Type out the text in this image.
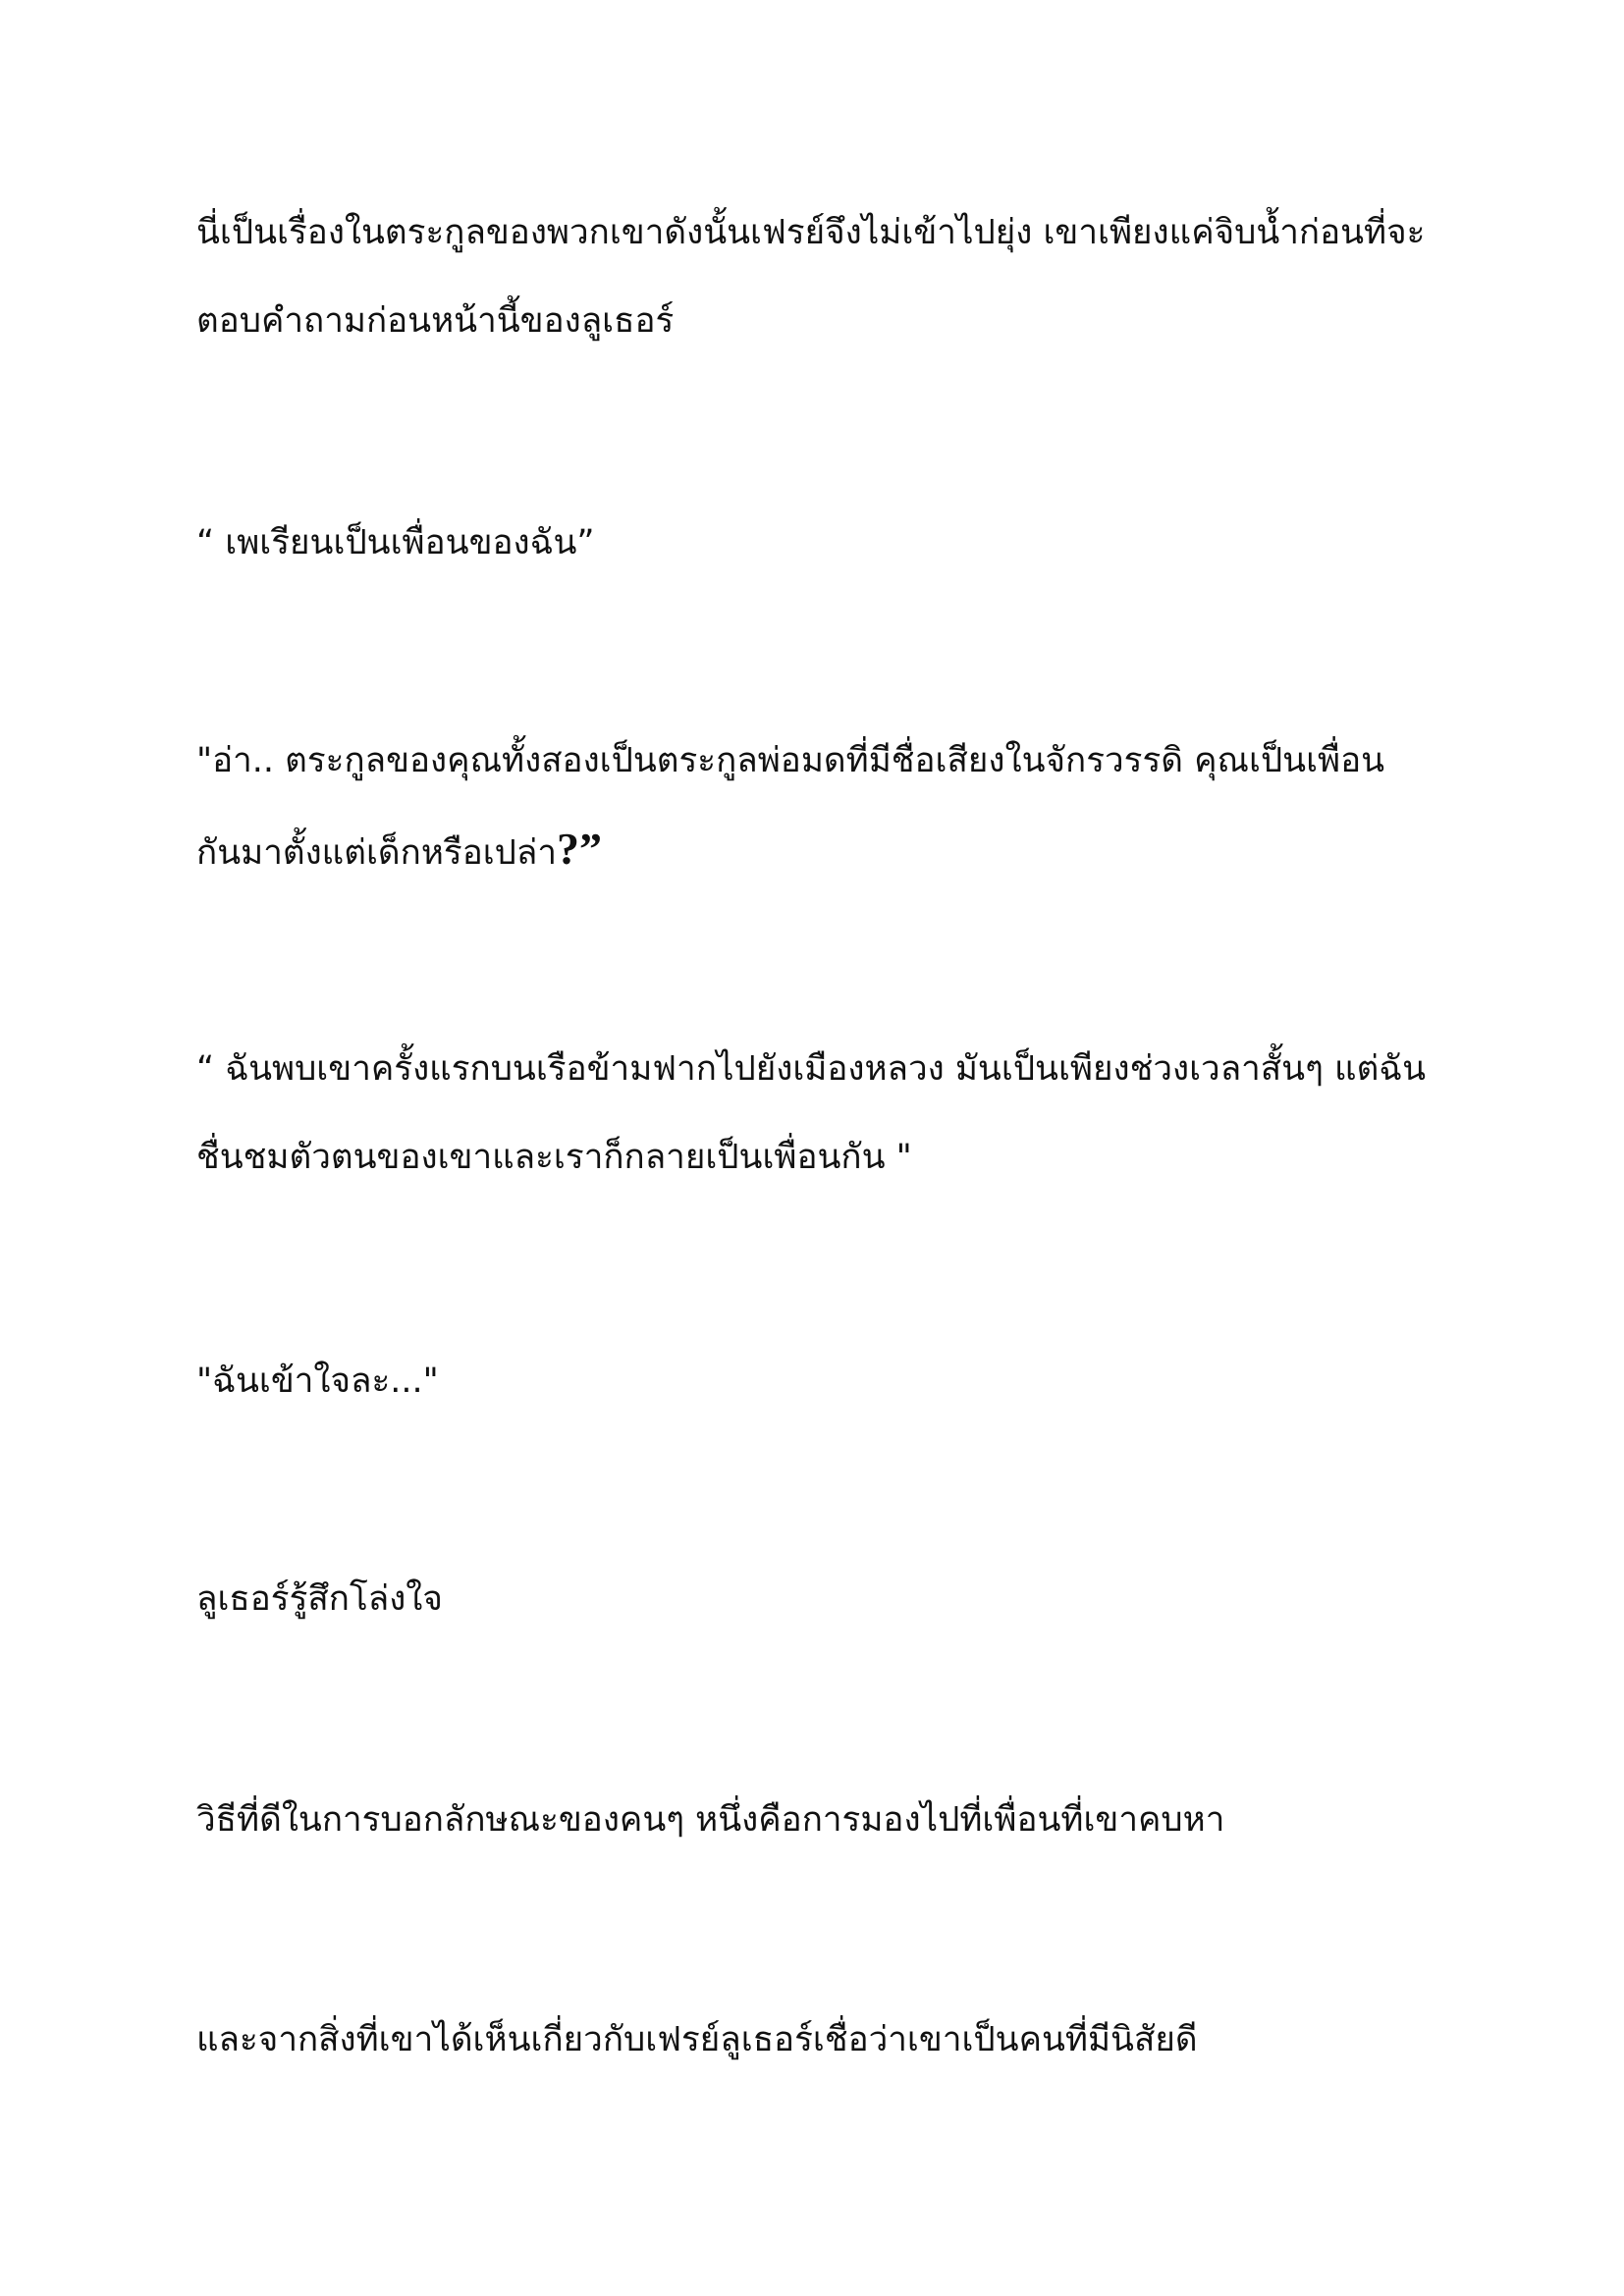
นี่เป็นเรื่องในตระกูลของพวกเขาดังนั้นเฟรย์จึงไม่เข้าไปยุ่ง เขาเพียงแค่จิบน้ำก่อนที่จะ
ตอบคำถามก่อนหน้านี้ของลูเธอร์

“ เพเรียนเป็นเพื่อนของฉัน”

"อ่า.. ตระกูลของคุณทั้งสองเป็นตระกูลพ่อมดที่มีชื่อเสียงในจักรวรรดิ คุณเป็นเพื่อน
กันมาตั้งแต่เด็กหรือเปล่า?”

“ ฉันพบเขาครั้งแรกบนเรือข้ามฟากไปยังเมืองหลวง มันเป็นเพียงช่วงเวลาสั้นๆ แต่ฉัน
ชื่นชมตัวตนของเขาและเราก็กลายเป็นเพื่อนกัน "

"ฉันเข้าใจละ..."

ลูเธอร์รู้สึกโล่งใจ

วิธีที่ดีในการบอกลักษณะของคนๆ หนึ่งคือการมองไปที่เพื่อนที่เขาคบหา

และจากสิ่งที่เขาได้เห็นเกี่ยวกับเฟรย์ลูเธอร์เชื่อว่าเขาเป็นคนที่มีนิสัยดี
